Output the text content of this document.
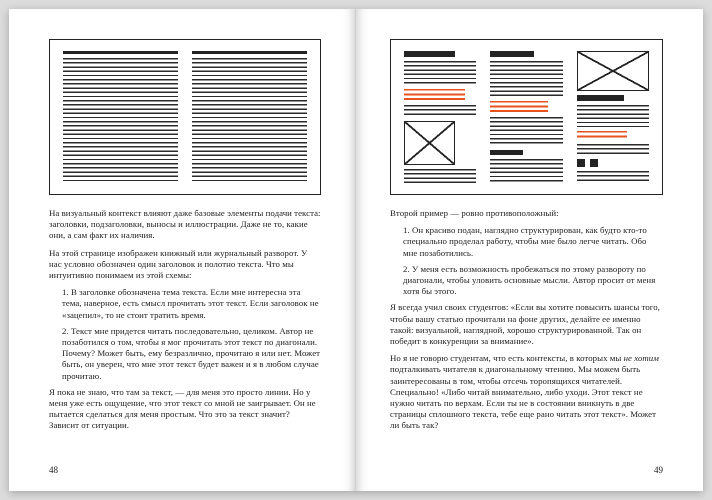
На визуальный контекст влияют даже базовые элементы подачи текста: заголовки, подзаголовки, выносы и иллюстрации. Даже не то, какие они, а сам факт их наличия.

На этой странице изображен книжный или журнальный разворот. У нас условно обозначен один заголовок и полотно текста. Что мы интуитивно понимаем из этой схемы:

1. В заголовке обозначена тема текста. Если мне интересна эта тема, наверное, есть смысл прочитать этот текст. Если заголовок не «зацепил», то не стоит тратить время.

2. Текст мне придется читать последовательно, целиком. Автор не позаботился о том, чтобы я мог прочитать этот текст по диагонали. Почему? Может быть, ему безразлично, прочитаю я или нет. Может быть, он уверен, что мне этот текст будет важен и я в любом случае прочитаю.

Я пока не знаю, что там за текст, — для меня это просто линии. Но у меня уже есть ощущение, что этот текст со мной не заигрывает. Он не пытается сделаться для меня простым. Что это за текст значит? Зависит от ситуации.

48

Второй пример — ровно противоположный:

1. Он красиво подан, наглядно структурирован, как будто кто-то специально проделал работу, чтобы мне было легче читать. Обо мне позаботились.

2. У меня есть возможность пробежаться по этому развороту по диагонали, чтобы уловить основные мысли. Автор просит от меня хотя бы этого.

Я всегда учил своих студентов: «Если вы хотите повысить шансы того, чтобы вашу статью прочитали на фоне других, делайте ее именно такой: визуальной, наглядной, хорошо структурированной. Так он победит в конкуренции за внимание».

Но я не говорю студентам, что есть контексты, в которых мы не хотим подталкивать читателя к диагональному чтению. Мы можем быть заинтересованы в том, чтобы отсечь торопящихся читателей. Специально! «Либо читай внимательно, либо уходи. Этот текст не нужно читать по верхам. Если ты не в состоянии вникнуть в две страницы сплошного текста, тебе еще рано читать этот текст». Может ли быть так?

49
